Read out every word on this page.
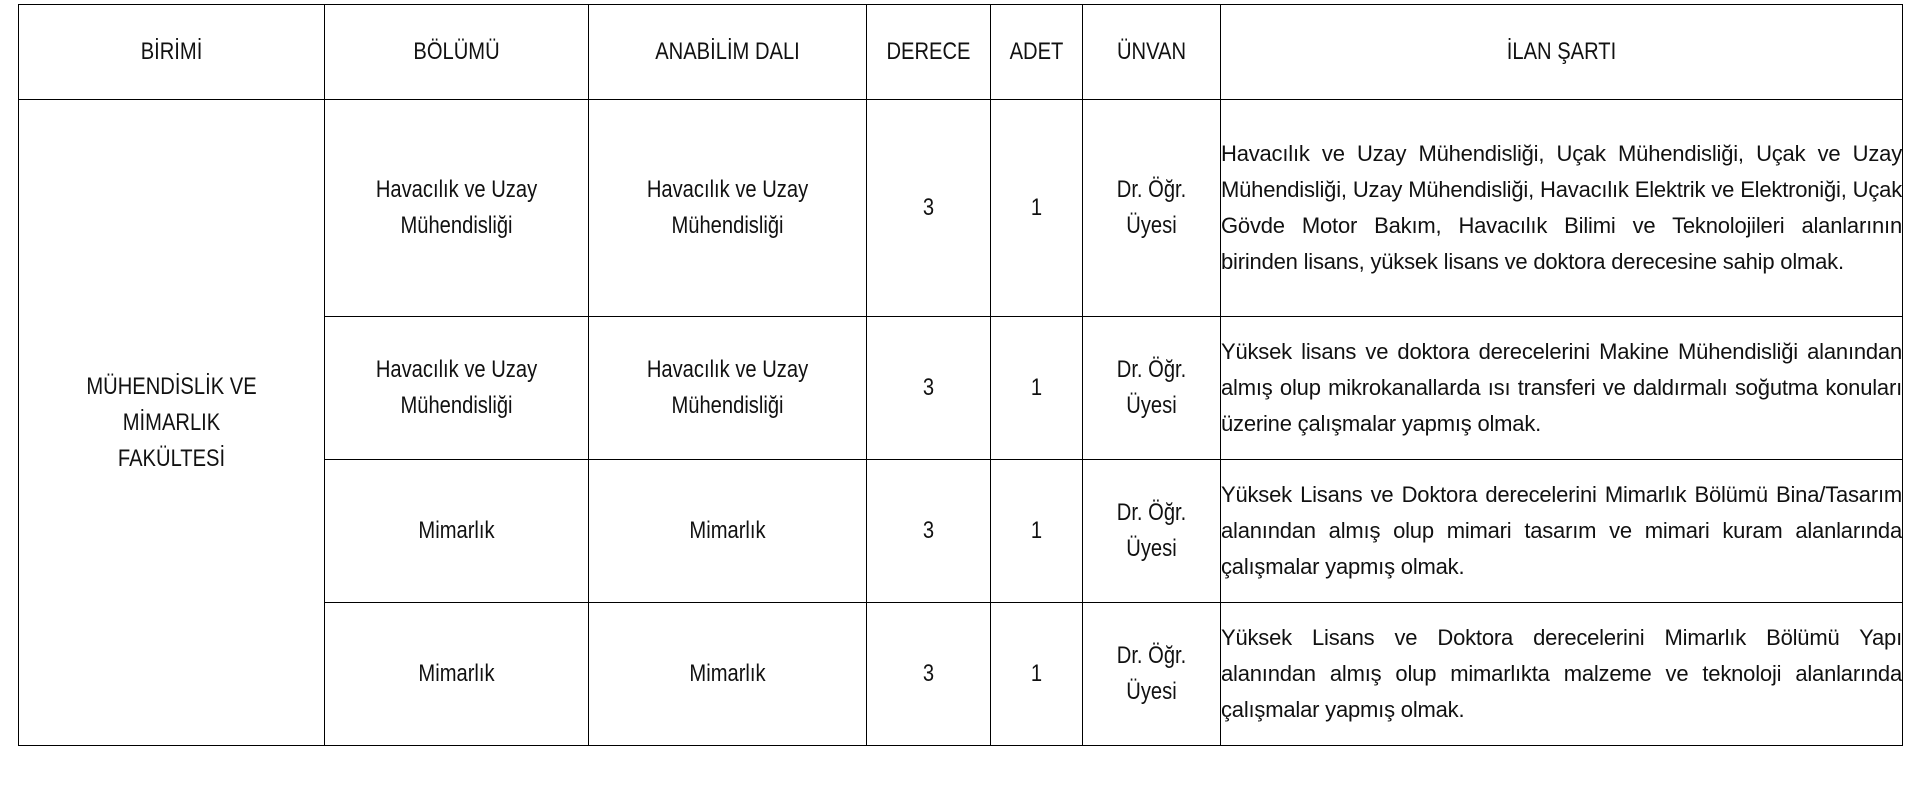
BİRİMİ	BÖLÜMÜ	ANABİLİM DALI	DERECE	ADET	ÜNVAN	İLAN ŞARTI

MÜHENDİSLİK VE MİMARLIK FAKÜLTESİ	Havacılık ve Uzay Mühendisliği	Havacılık ve Uzay Mühendisliği	3	1	Dr. Öğr. Üyesi	Havacılık ve Uzay Mühendisliği, Uçak Mühendisliği, Uçak ve Uzay Mühendisliği, Uzay Mühendisliği, Havacılık Elektrik ve Elektroniği, Uçak Gövde Motor Bakım, Havacılık Bilimi ve Teknolojileri alanlarının birinden lisans, yüksek lisans ve doktora derecesine sahip olmak.

	Havacılık ve Uzay Mühendisliği	Havacılık ve Uzay Mühendisliği	3	1	Dr. Öğr. Üyesi	Yüksek lisans ve doktora derecelerini Makine Mühendisliği alanından almış olup mikrokanallarda ısı transferi ve daldırmalı soğutma konuları üzerine çalışmalar yapmış olmak.

	Mimarlık	Mimarlık	3	1	Dr. Öğr. Üyesi	Yüksek Lisans ve Doktora derecelerini Mimarlık Bölümü Bina/Tasarım alanından almış olup mimari tasarım ve mimari kuram alanlarında çalışmalar yapmış olmak.

	Mimarlık	Mimarlık	3	1	Dr. Öğr. Üyesi	Yüksek Lisans ve Doktora derecelerini Mimarlık Bölümü Yapı alanından almış olup mimarlıkta malzeme ve teknoloji alanlarında çalışmalar yapmış olmak.
